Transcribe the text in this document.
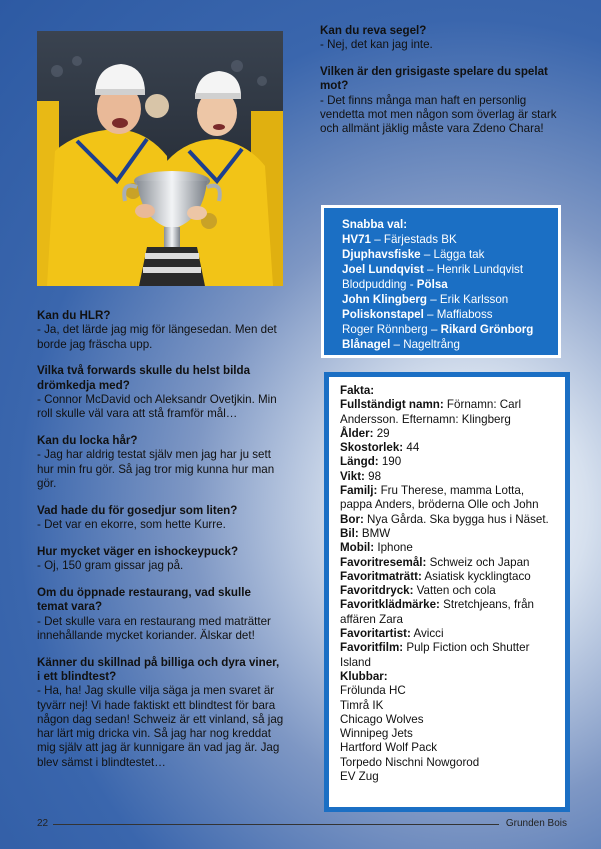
Kan du HLR?
- Ja, det lärde jag mig för längesedan. Men det borde jag fräscha upp.

Vilka två forwards skulle du helst bilda drömkedja med?
- Connor McDavid och Aleksandr Ovetjkin. Min roll skulle väl vara att stå framför mål…

Kan du locka hår?
- Jag har aldrig testat själv men jag har ju sett hur min fru gör. Så jag tror mig kunna hur man gör.

Vad hade du för gosedjur som liten?
- Det var en ekorre, som hette Kurre.

Hur mycket väger en ishockeypuck?
- Oj, 150 gram gissar jag på.

Om du öppnade restaurang, vad skulle temat vara?
- Det skulle vara en restaurang med maträtter innehållande mycket koriander. Älskar det!

Känner du skillnad på billiga och dyra viner, i ett blindtest?
- Ha, ha! Jag skulle vilja säga ja men svaret är tyvärr nej! Vi hade faktiskt ett blindtest för bara någon dag sedan! Schweiz är ett vinland, så jag har lärt mig dricka vin. Så jag har nog kreddat mig själv att jag är kunnigare än vad jag är. Jag blev sämst i blindtestet…

Kan du reva segel?
- Nej, det kan jag inte.

Vilken är den grisigaste spelare du spelat mot?
- Det finns många man haft en personlig vendetta mot men någon som överlag är stark och allmänt jäklig måste vara Zdeno Chara!

Snabba val:
HV71 – Färjestads BK
Djuphavsfiske – Lägga tak
Joel Lundqvist – Henrik Lundqvist
Blodpudding - Pölsa
John Klingberg – Erik Karlsson
Poliskonstapel – Maffiaboss
Roger Rönnberg – Rikard Grönborg
Blånagel – Nageltrång
Fakta:
Fullständigt namn: Förnamn: Carl Andersson. Efternamn: Klingberg
Ålder: 29
Skostorlek: 44
Längd: 190
Vikt: 98
Familj: Fru Therese, mamma Lotta, pappa Anders, bröderna Olle och John
Bor: Nya Gårda. Ska bygga hus i Näset.
Bil: BMW
Mobil: Iphone
Favoritresemål: Schweiz och Japan
Favoritmaträtt: Asiatisk kycklingtaco
Favoritdryck: Vatten och cola
Favoritklädmärke: Stretchjeans, från affären Zara
Favoritartist: Avicci
Favoritfilm: Pulp Fiction och Shutter Island
Klubbar:
Frölunda HC
Timrå IK
Chicago Wolves
Winnipeg Jets
Hartford Wolf Pack
Torpedo Nischni Nowgorod
EV Zug
22	Grunden Bois
